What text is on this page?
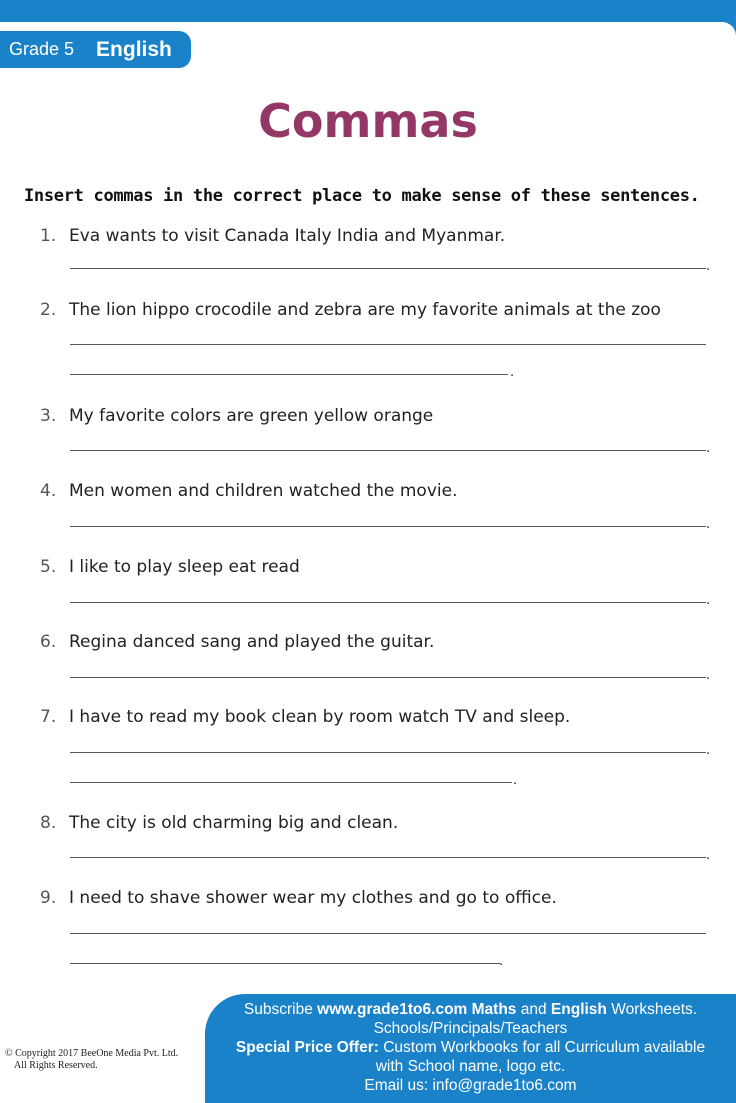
Grade 5 English
Commas
Insert commas in the correct place to make sense of these sentences.
1. Eva wants to visit Canada Italy India and Myanmar.
.
2. The lion hippo crocodile and zebra are my favorite animals at the zoo
.
3. My favorite colors are green yellow orange
.
4. Men women and children watched the movie.
.
5. I like to play sleep eat read
.
6. Regina danced sang and played the guitar.
.
7. I have to read my book clean by room watch TV and sleep.
.
.
8. The city is old charming big and clean.
.
9. I need to shave shower wear my clothes and go to office.
.
Subscribe www.grade1to6.com Maths and English Worksheets.
Schools/Principals/Teachers
Special Price Offer: Custom Workbooks for all Curriculum available
with School name, logo etc.
Email us: info@grade1to6.com
© Copyright 2017 BeeOne Media Pvt. Ltd.
All Rights Reserved.
